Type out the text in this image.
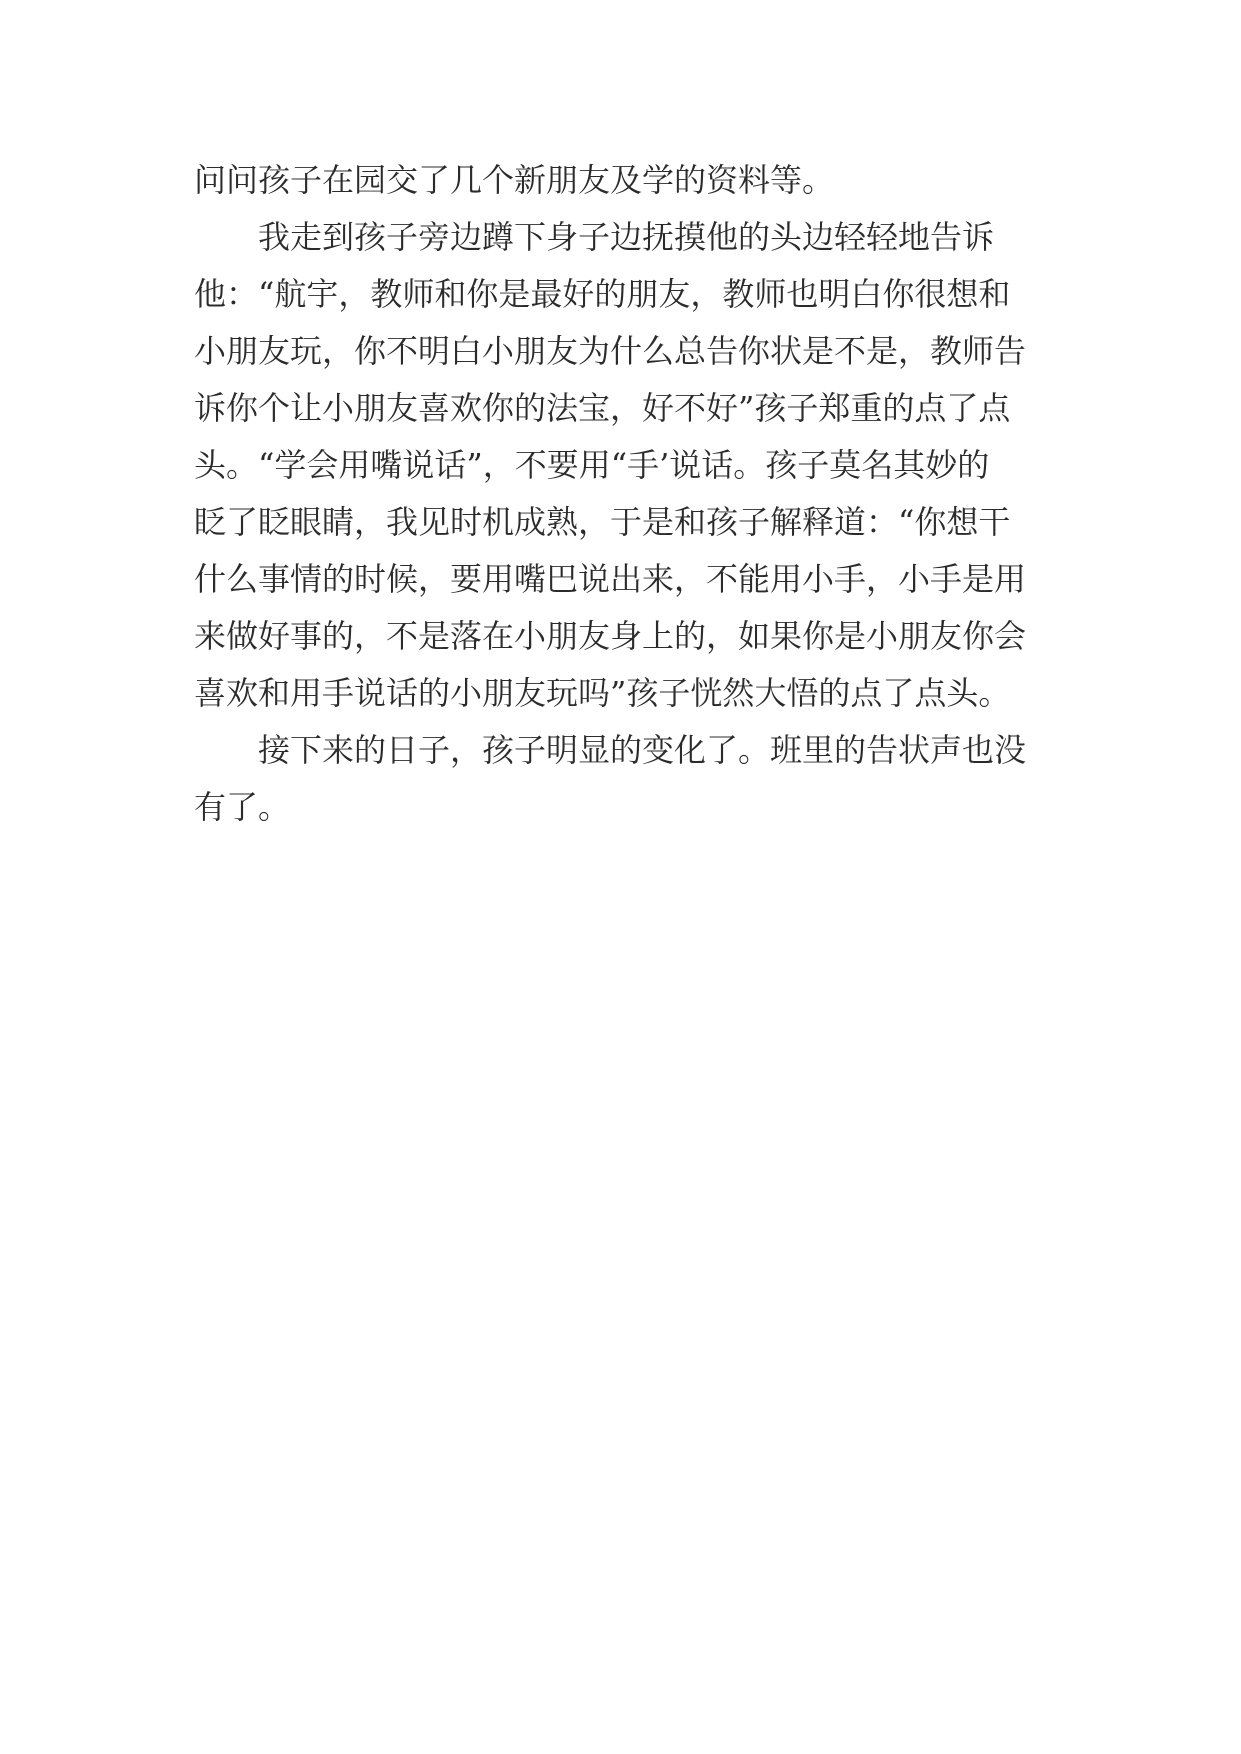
问问孩子在园交了几个新朋友及学的资料等。
我走到孩子旁边蹲下身子边抚摸他的头边轻轻地告诉
他：“航宇，教师和你是最好的朋友，教师也明白你很想和
小朋友玩，你不明白小朋友为什么总告你状是不是，教师告
诉你个让小朋友喜欢你的法宝，好不好”孩子郑重的点了点
头。“学会用嘴说话”，不要用“手’说话。孩子莫名其妙的
眨了眨眼睛，我见时机成熟，于是和孩子解释道：“你想干
什么事情的时候，要用嘴巴说出来，不能用小手，小手是用
来做好事的，不是落在小朋友身上的，如果你是小朋友你会
喜欢和用手说话的小朋友玩吗”孩子恍然大悟的点了点头。
接下来的日子，孩子明显的变化了。班里的告状声也没
有了。
